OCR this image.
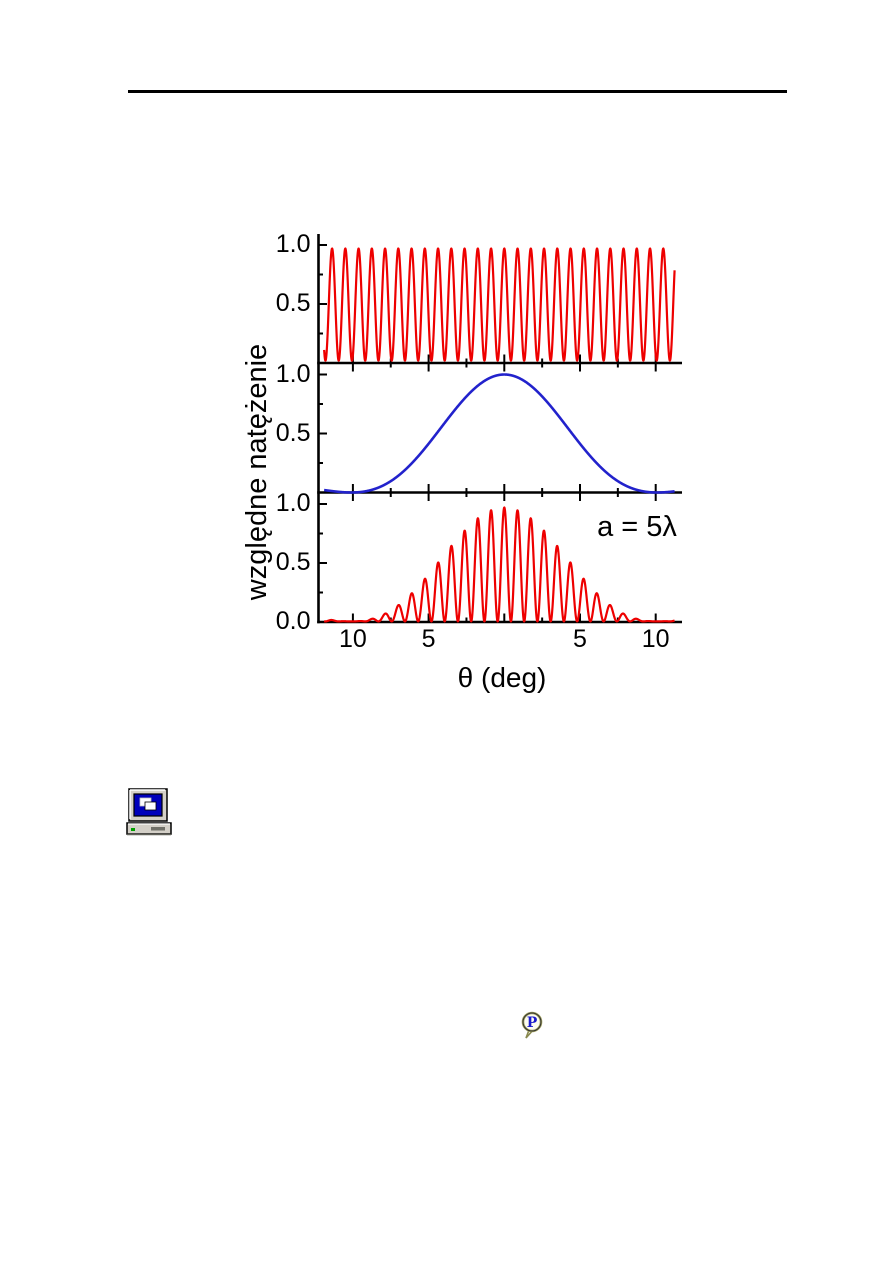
1.0
0.5
1.0
0.5
1.0
0.5
0.0
10	5	5	10
względne natężenie
θ (deg)
a = 5λ
P
